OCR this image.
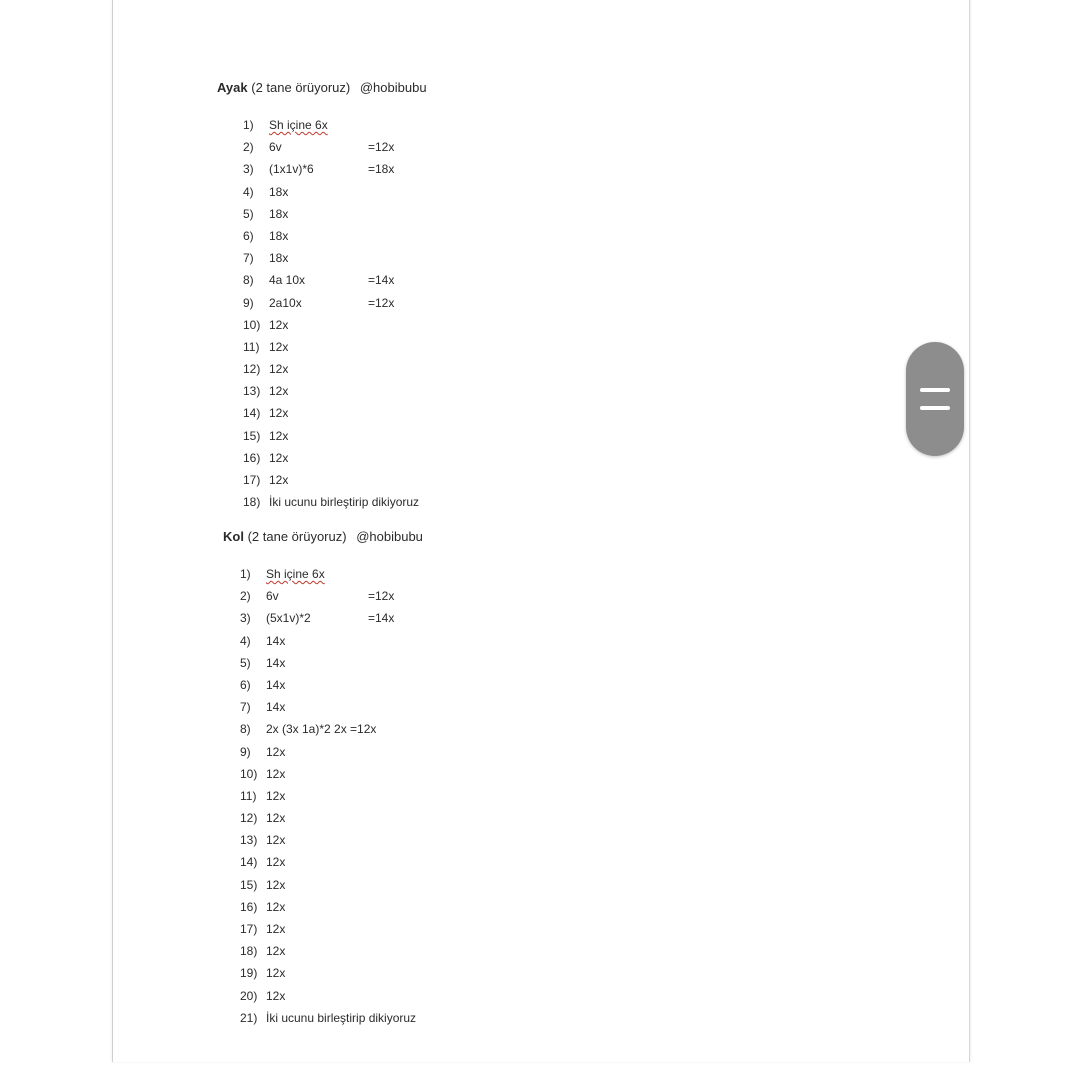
Ayak (2 tane örüyoruz) @hobibubu
1) Sh içine 6x
2) 6v	=12x
3) (1x1v)*6	=18x
4) 18x
5) 18x
6) 18x
7) 18x
8) 4a 10x	=14x
9) 2a10x	=12x
10) 12x
11) 12x
12) 12x
13) 12x
14) 12x
15) 12x
16) 12x
17) 12x
18) İki ucunu birleştirip dikiyoruz
Kol (2 tane örüyoruz) @hobibubu
1) Sh içine 6x
2) 6v	=12x
3) (5x1v)*2	=14x
4) 14x
5) 14x
6) 14x
7) 14x
8) 2x (3x 1a)*2 2x =12x
9) 12x
10) 12x
11) 12x
12) 12x
13) 12x
14) 12x
15) 12x
16) 12x
17) 12x
18) 12x
19) 12x
20) 12x
21) İki ucunu birleştirip dikiyoruz
